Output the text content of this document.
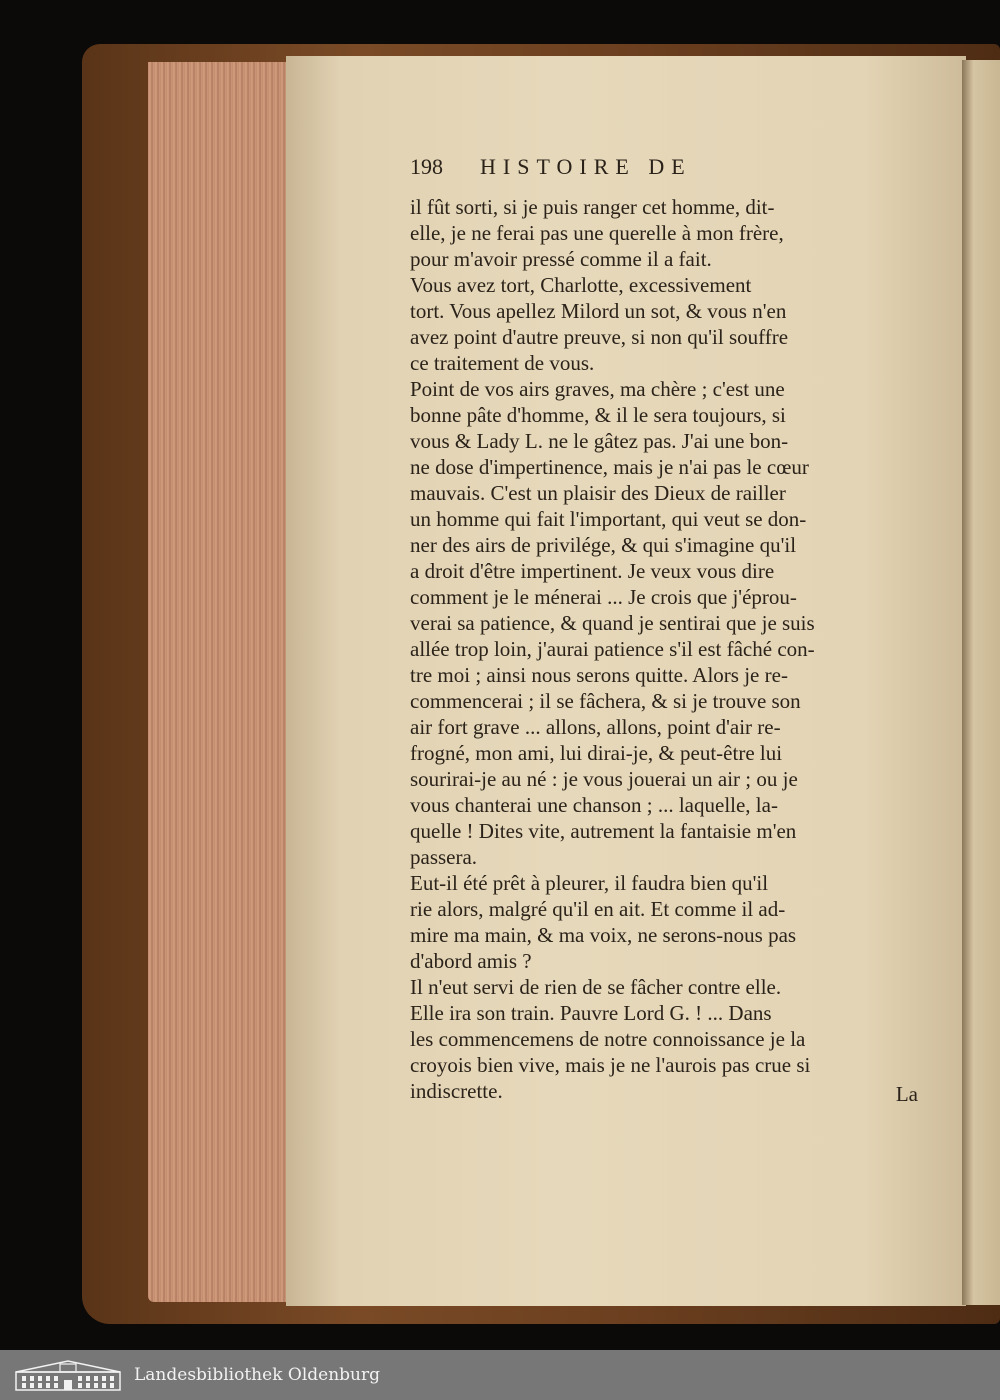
198 HISTOIRE DE
il fût sorti, si je puis ranger cet homme, dit-
elle, je ne ferai pas une querelle à mon frère,
pour m'avoir pressé comme il a fait.
Vous avez tort, Charlotte, excessivement
tort. Vous apellez Milord un sot, & vous n'en
avez point d'autre preuve, si non qu'il souffre
ce traitement de vous.
Point de vos airs graves, ma chère ; c'est une
bonne pâte d'homme, & il le sera toujours, si
vous & Lady L. ne le gâtez pas. J'ai une bon-
ne dose d'impertinence, mais je n'ai pas le cœur
mauvais. C'est un plaisir des Dieux de railler
un homme qui fait l'important, qui veut se don-
ner des airs de privilége, & qui s'imagine qu'il
a droit d'être impertinent. Je veux vous dire
comment je le ménerai ... Je crois que j'éprou-
verai sa patience, & quand je sentirai que je suis
allée trop loin, j'aurai patience s'il est fâché con-
tre moi ; ainsi nous serons quitte. Alors je re-
commencerai ; il se fâchera, & si je trouve son
air fort grave ... allons, allons, point d'air re-
frogné, mon ami, lui dirai-je, & peut-être lui
sourirai-je au né : je vous jouerai un air ; ou je
vous chanterai une chanson ; ... laquelle, la-
quelle ! Dites vite, autrement la fantaisie m'en
passera.
Eut-il été prêt à pleurer, il faudra bien qu'il
rie alors, malgré qu'il en ait. Et comme il ad-
mire ma main, & ma voix, ne serons-nous pas
d'abord amis ?
Il n'eut servi de rien de se fâcher contre elle.
Elle ira son train. Pauvre Lord G. ! ... Dans
les commencemens de notre connoissance je la
croyois bien vive, mais je ne l'aurois pas crue si
indiscrette.	La
Landesbibliothek Oldenburg
